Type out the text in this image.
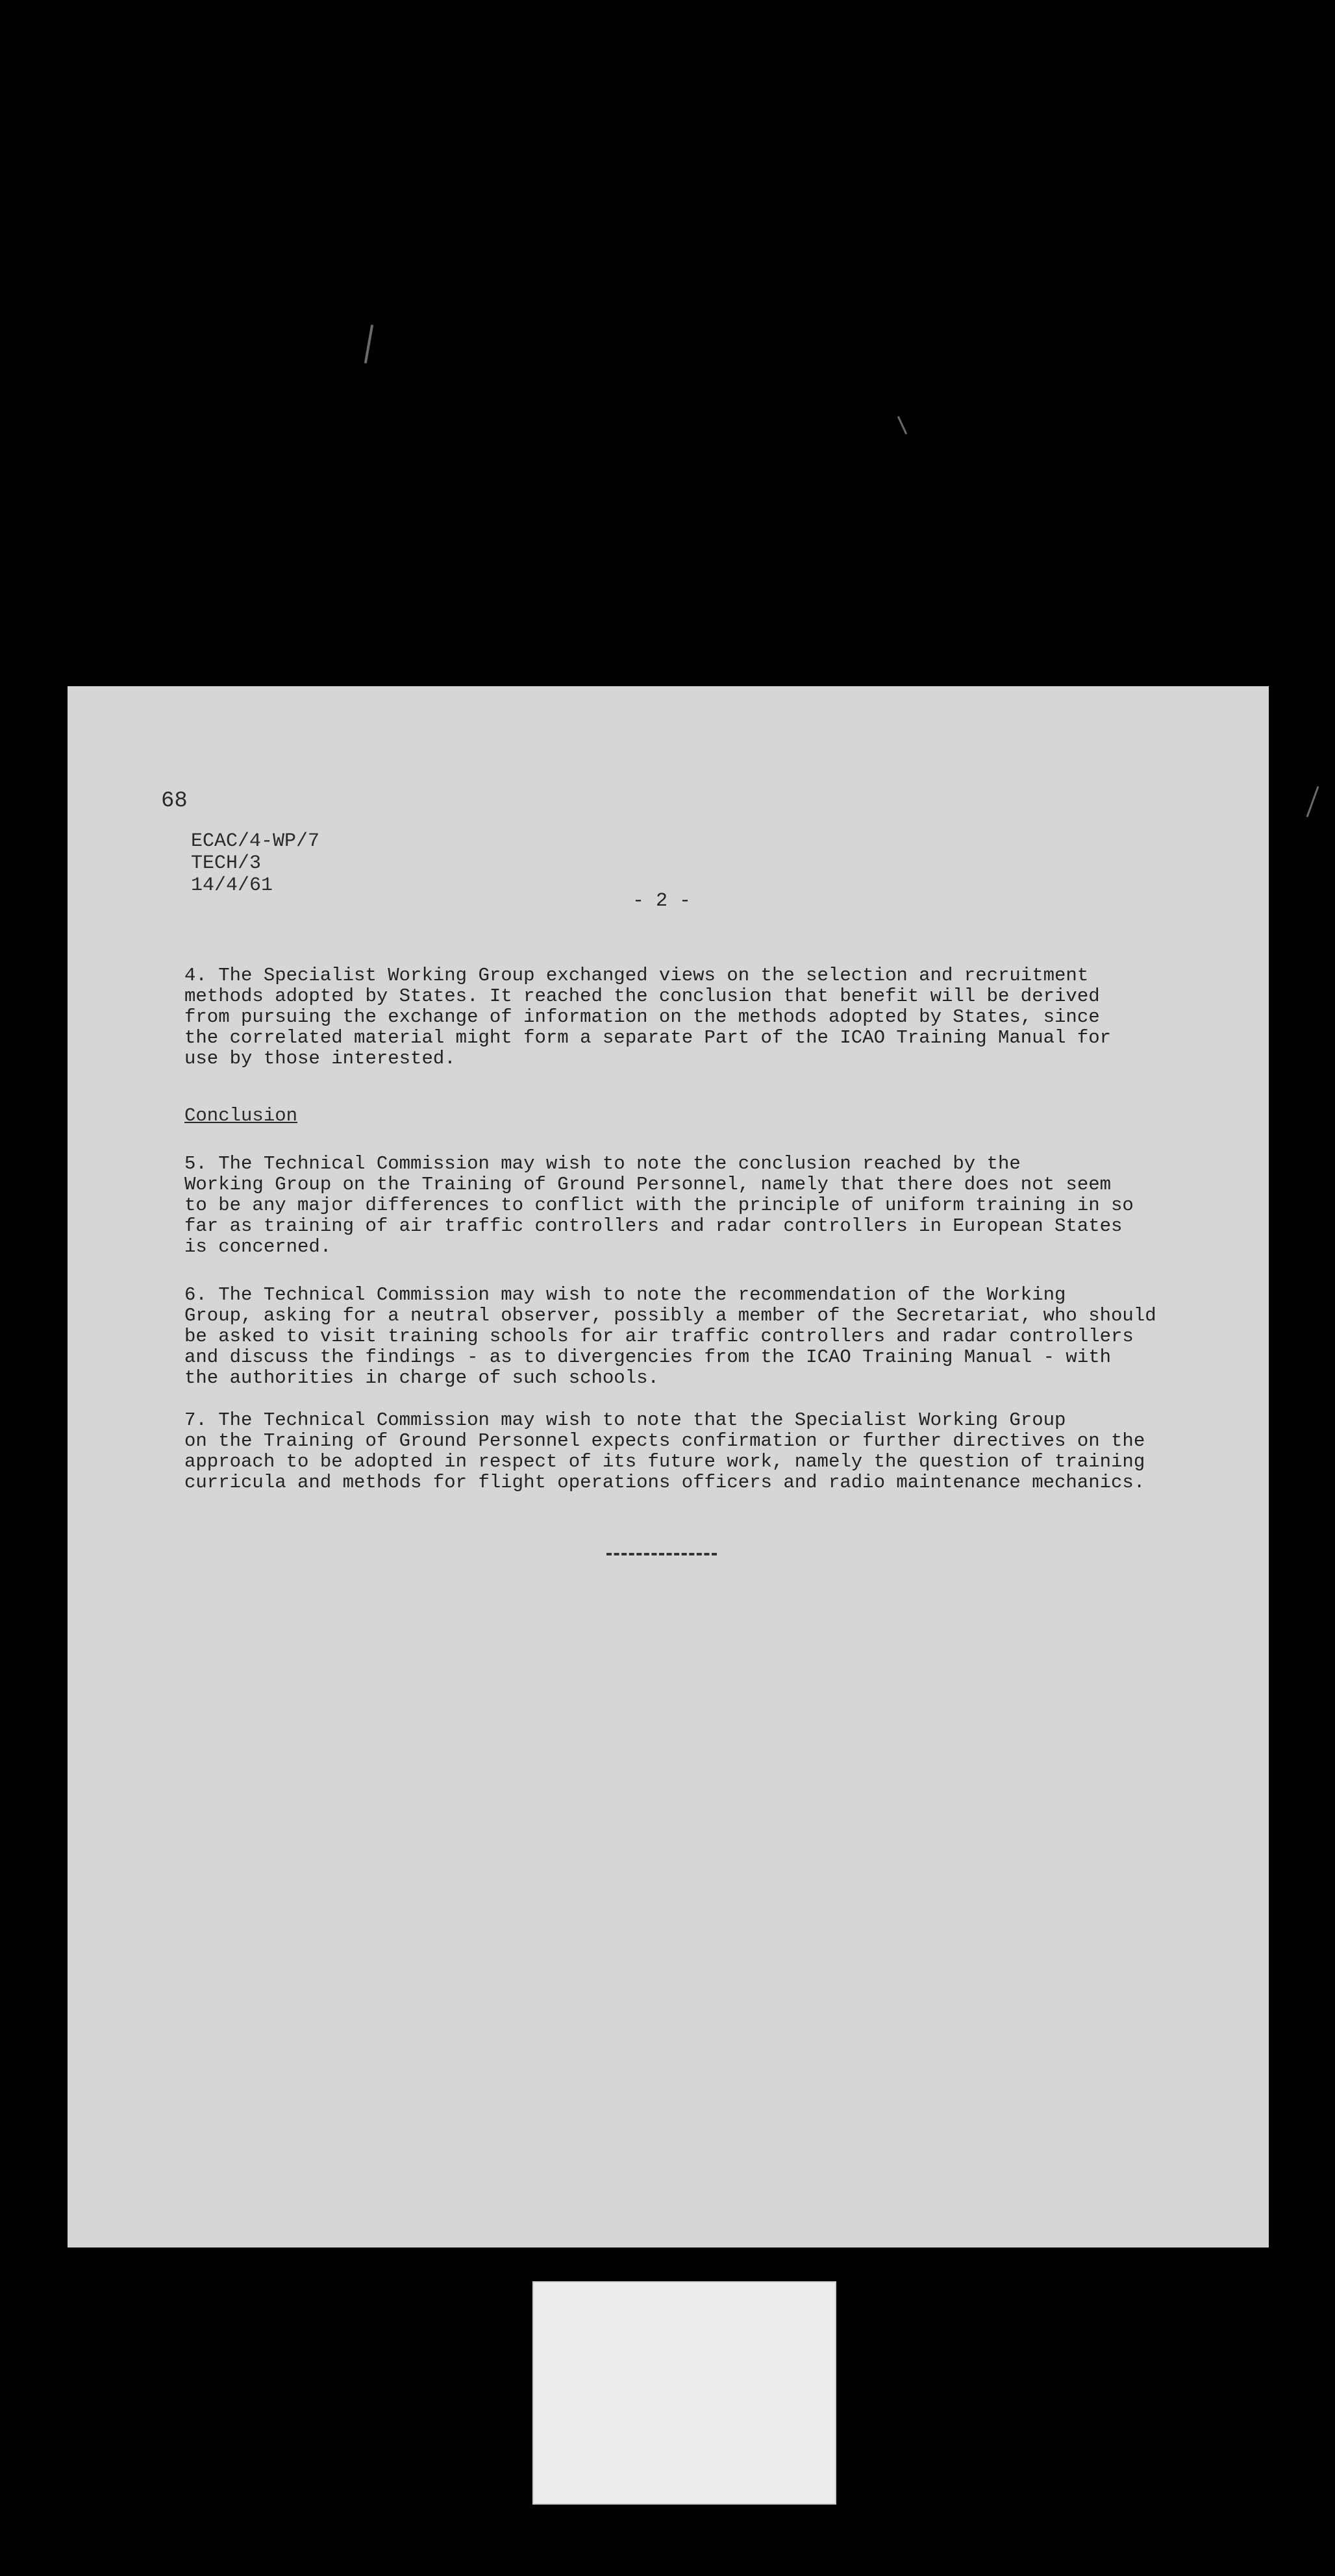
68
ECAC/4-WP/7
TECH/3
14/4/61
- 2 -

4. The Specialist Working Group exchanged views on the selection and recruitment
methods adopted by States. It reached the conclusion that benefit will be derived
from pursuing the exchange of information on the methods adopted by States, since
the correlated material might form a separate Part of the ICAO Training Manual for
use by those interested.

Conclusion

5. The Technical Commission may wish to note the conclusion reached by the
Working Group on the Training of Ground Personnel, namely that there does not seem
to be any major differences to conflict with the principle of uniform training in so
far as training of air traffic controllers and radar controllers in European States
is concerned.

6. The Technical Commission may wish to note the recommendation of the Working
Group, asking for a neutral observer, possibly a member of the Secretariat, who should
be asked to visit training schools for air traffic controllers and radar controllers
and discuss the findings - as to divergencies from the ICAO Training Manual - with
the authorities in charge of such schools.

7. The Technical Commission may wish to note that the Specialist Working Group
on the Training of Ground Personnel expects confirmation or further directives on the
approach to be adopted in respect of its future work, namely the question of training
curricula and methods for flight operations officers and radio maintenance mechanics.
